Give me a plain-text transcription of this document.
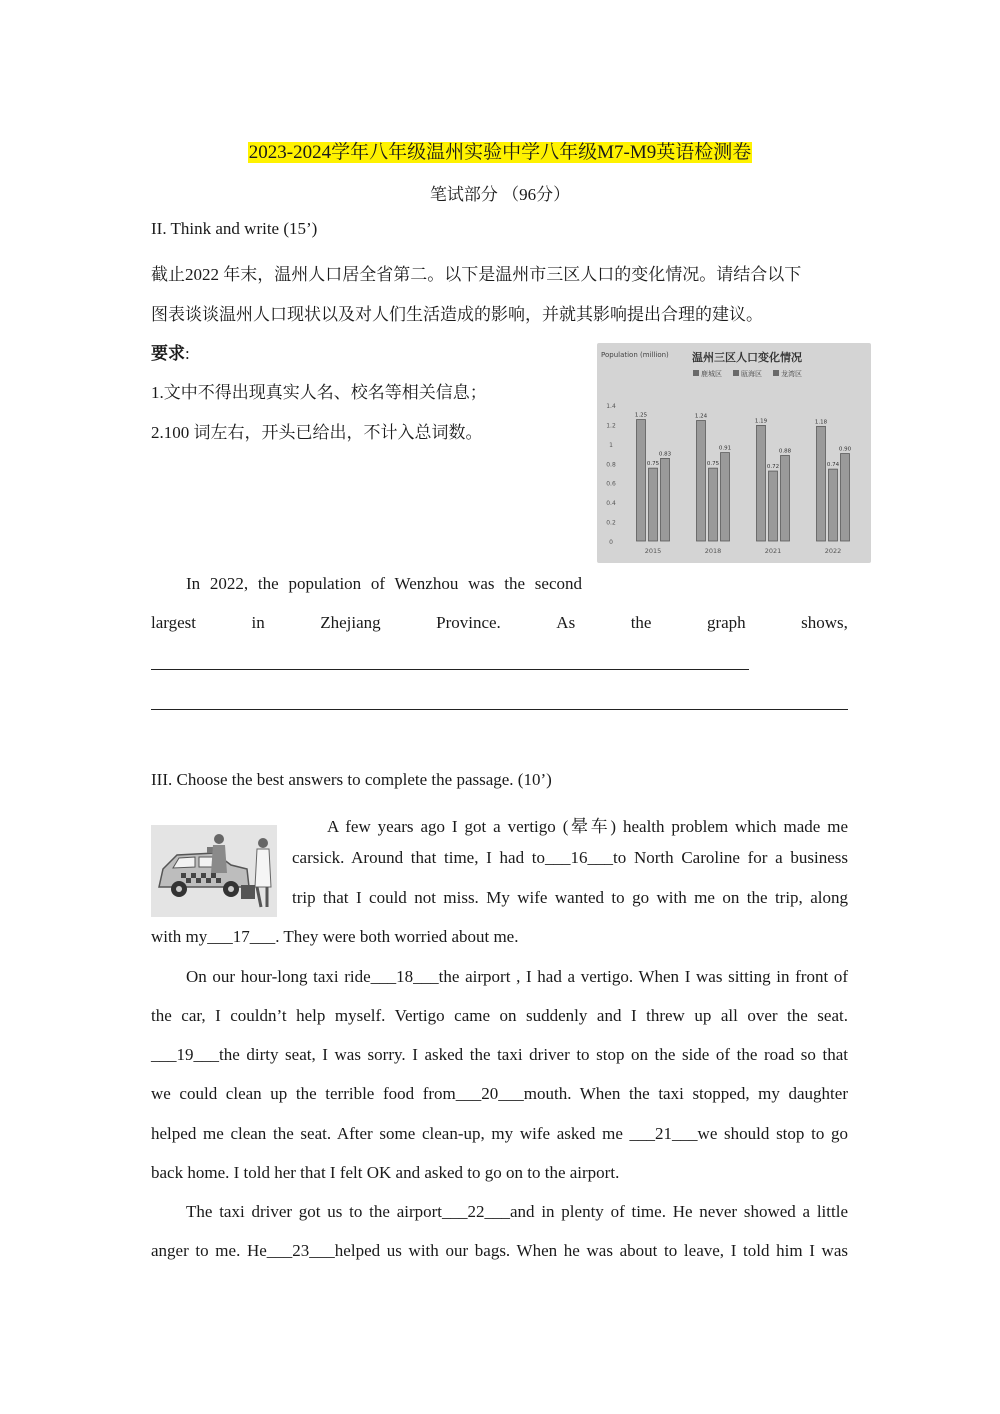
2023-2024学年八年级温州实验中学八年级M7-M9英语检测卷
笔试部分 （96分）
II. Think and write (15’)
截止2022 年末，温州人口居全省第二。以下是温州市三区人口的变化情况。请结合以下
图表谈谈温州人口现状以及对人们生活造成的影响，并就其影响提出合理的建议。
要求:
1.文中不得出现真实人名、校名等相关信息；
2.100 词左右，开头已给出，不计入总词数。
温州三区人口变化情况
Population (million)
鹿城区	瓯海区	龙湾区
1.4
1.2
1
0.8
0.6
0.4
0.2
0
1.25
0.75
0.83
2015
1.24
0.75
0.91
2018
1.19
0.72
0.88
2021
1.18
0.74
0.90
2022
In 2022, the population of Wenzhou was the second
largest	in	Zhejiang	Province.	As	the	graph	shows,
III. Choose the best answers to complete the passage. (10’)
A few years ago I got a vertigo (晕车) health problem which made me
carsick. Around that time, I had to___16___to North Caroline for a business
trip that I could not miss. My wife wanted to go with me on the trip, along
with my___17___. They were both worried about me.
On our hour-long taxi ride___18___the airport , I had a vertigo. When I was sitting in front of
the car, I couldn’t help myself. Vertigo came on suddenly and I threw up all over the seat.
___19___the dirty seat, I was sorry. I asked the taxi driver to stop on the side of the road so that
we could clean up the terrible food from___20___mouth. When the taxi stopped, my daughter
helped me clean the seat. After some clean-up, my wife asked me ___21___we should stop to go
back home. I told her that I felt OK and asked to go on to the airport.
The taxi driver got us to the airport___22___and in plenty of time. He never showed a little
anger to me. He___23___helped us with our bags. When he was about to leave, I told him I was
